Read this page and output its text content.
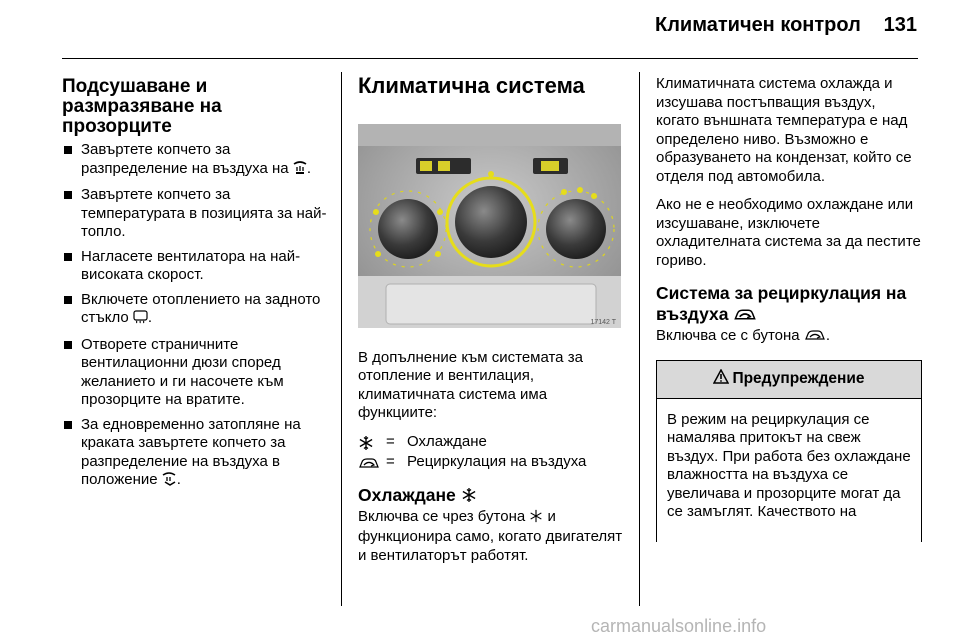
Климатичен контрол 131
Подсушаване и размразяване на прозорците
Завъртете копчето за разпределение на въздуха на .
Завъртете копчето за температурата в позицията за най-топло.
Нагласете вентилатора на най-високата скорост.
Включете отоплението на задното стъкло .
Отворете страничните вентилационни дюзи според желанието и ги насочете към прозорците на вратите.
За едновременно затопляне на краката завъртете копчето за разпределение на въздуха в положение .
Климатична система
17142 T
В допълнение към системата за отопление и вентилация, климатичната система има функциите:
= Охлаждане
= Рециркулация на въздуха
Охлаждане
Включва се чрез бутона и функционира само, когато двигателят и вентилаторът работят.
Климатичната система охлажда и изсушава постъпващия въздух, когато външната температура е над определено ниво. Възможно е образуването на кондензат, който се отделя под автомобила.
Ако не е необходимо охлаждане или изсушаване, изключете охладителната система за да пестите гориво.
Система за рециркулация на въздуха
Включва се с бутона .
Предупреждение
В режим на рециркулация се намалява притокът на свеж въздух. При работа без охлаждане влажността на въздуха се увеличава и прозорците могат да се замъглят. Качеството на
carmanualsonline.info
